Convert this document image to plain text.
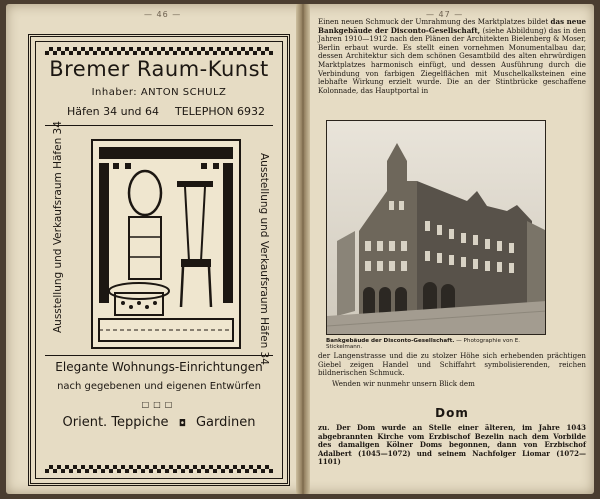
— 46 —	— 47 —
Bremer Raum-Kunst
Inhaber: ANTON SCHULZ
Häfen 34 und 64 TELEPHON 6932
Ausstellung und Verkaufsraum Häfen 34	Ausstellung und Verkaufsraum Häfen 34
Elegante Wohnungs-Einrichtungen
nach gegebenen und eigenen Entwürfen
□□□
Orient. Teppiche ◘ Gardinen
Einen neuen Schmuck der Umrahmung des Marktplatzes bildet das neue Bankgebäude der Disconto-Gesellschaft, (siehe Abbildung) das in den Jahren 1910—1912 nach den Plänen der Architekten Bielenberg & Moser, Berlin erbaut wurde. Es stellt einen vornehmen Monumentalbau dar, dessen Architektur sich dem schönen Gesamtbild des alten ehrwürdigen Marktplatzes harmonisch einfügt, und dessen Ausführung durch die Verbindung von farbigen Ziegelflächen mit Muschelkalksteinen eine lebhafte Wirkung erzielt wurde. Die an der Stintbrücke geschaffene Kolonnade, das Hauptportal in
Bankgebäude der Disconto-Gesellschaft. — Photographie von E. Stickelmann.
der Langenstrasse und die zu stolzer Höhe sich erhebenden prächtigen Giebel zeigen Handel und Schiffahrt symbolisierenden, reichen bildnerischen Schmuck.
Wenden wir nunmehr unsern Blick dem
Dom
zu. Der Dom wurde an Stelle einer älteren, im Jahre 1043 abgebrannten Kirche vom Erzbischof Bezelin nach dem Vorbilde des damaligen Kölner Doms begonnen, dann von Erzbischof Adalbert (1045—1072) und seinem Nachfolger Liomar (1072—1101)
